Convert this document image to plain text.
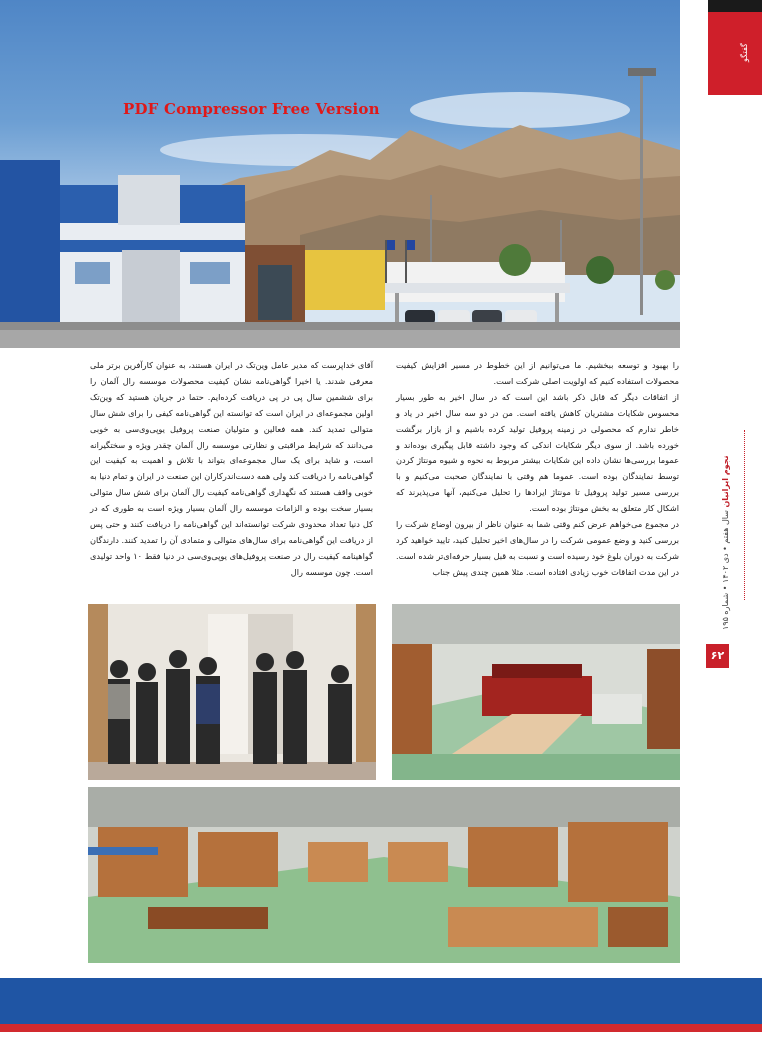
PDF Compressor Free Version
گفتگو
نجوم ایرانیان سال هفتم • دی ۱۴۰۲ • شماره ۱۹۵
۶۲

را بهبود و توسعه ببخشیم. ما می‌توانیم از این خطوط در مسیر افزایش کیفیت محصولات استفاده کنیم که اولویت اصلی شرکت است.

از اتفاقات دیگر که قابل ذکر باشد این است که در سال اخیر به طور بسیار محسوس شکایات مشتریان کاهش یافته است. من در دو سه سال اخیر در یاد و خاطر ندارم که محصولی در زمینه پروفیل تولید کرده باشیم و از بازار برگشت خورده باشد. از سوی دیگر شکایات اندکی که وجود داشته قابل پیگیری بوده‌اند و عموما بررسی‌ها نشان داده این شکایات بیشتر مربوط به نحوه و شیوه مونتاژ کردن توسط نمایندگان بوده است. عموما هم وقتی با نمایندگان صحبت می‌کنیم و با بررسی مسیر تولید پروفیل تا مونتاژ ایرادها را تحلیل می‌کنیم، آنها می‌پذیرند که اشکال کار متعلق به بخش مونتاژ بوده است.

در مجموع می‌خواهم عرض کنم وقتی شما به عنوان ناظر از بیرون اوضاع شرکت را بررسی کنید و وضع عمومی شرکت را در سال‌های اخیر تحلیل کنید، تایید خواهید کرد شرکت به دوران بلوغ خود رسیده است و نسبت به قبل بسیار حرفه‌ای‌تر شده است. در این مدت اتفاقات خوب زیادی افتاده است. مثلا همین چندی پیش جناب

آقای خداپرست که مدیر عامل وین‌تک در ایران هستند، به عنوان کارآفرین برتر ملی معرفی شدند. یا اخیرا گواهی‌نامه نشان کیفیت محصولات موسسه رال آلمان را برای ششمین سال پی در پی دریافت کرده‌ایم. حتما در جریان هستید که وین‌تک اولین مجموعه‌ای در ایران است که توانسته این گواهی‌نامه کیفی را برای شش سال متوالی تمدید کند. همه فعالین و متولیان صنعت پروفیل یوپی‌وی‌سی به خوبی می‌دانند که شرایط مراقبتی و نظارتی موسسه رال آلمان چقدر ویژه و سختگیرانه است، و شاید برای یک سال مجموعه‌ای بتواند با تلاش و اهمیت به کیفیت این گواهی‌نامه را دریافت کند ولی همه دست‌اندرکاران این صنعت در ایران و تمام دنیا به خوبی واقف هستند که نگهداری گواهی‌نامه کیفیت رال آلمان برای شش سال متوالی بسیار سخت بوده و الزامات موسسه رال آلمان بسیار ویژه است به طوری که در کل دنیا تعداد محدودی شرکت توانسته‌اند این گواهی‌نامه را دریافت کنند و حتی پس از دریافت این گواهی‌نامه برای سال‌های متوالی و متمادی آن را تمدید کنند. دارندگان گواهینامه کیفیت رال در صنعت پروفیل‌های یوپی‌وی‌سی در دنیا فقط ۱۰ واحد تولیدی است. چون موسسه رال
